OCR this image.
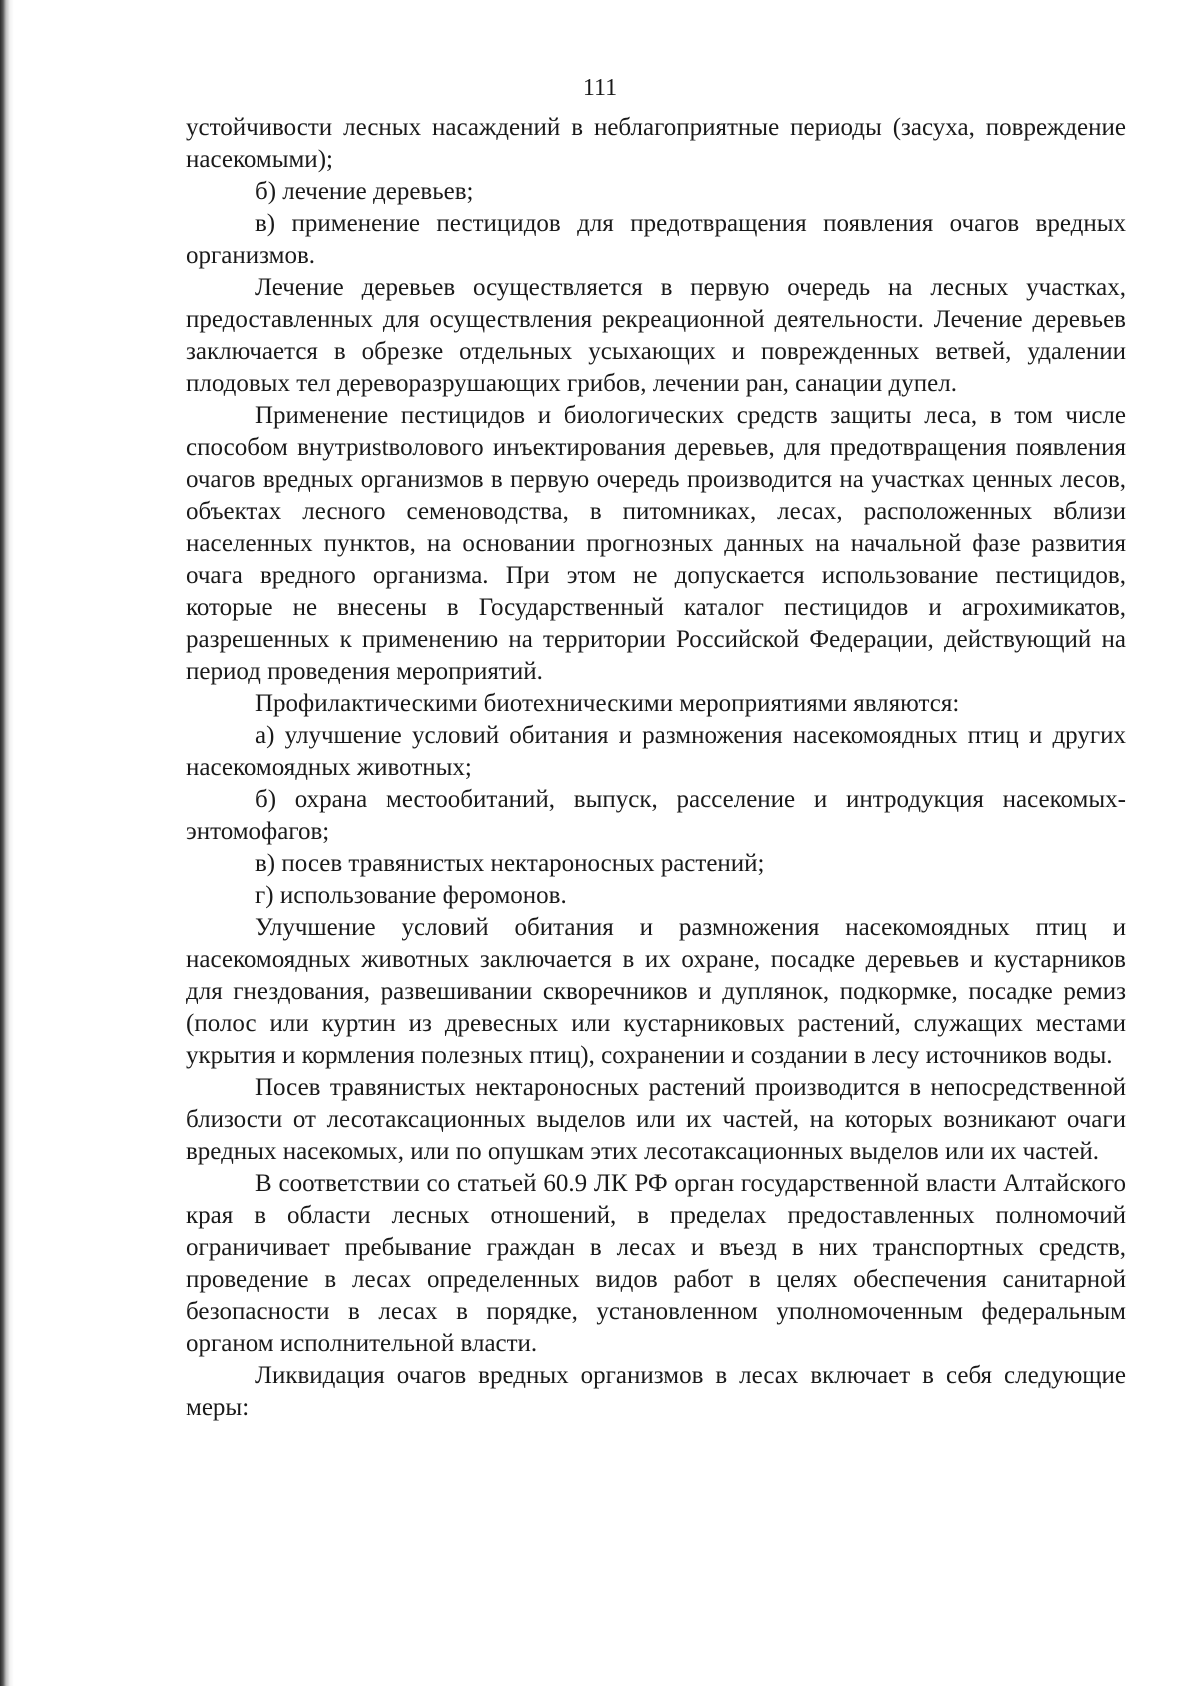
111

устойчивости лесных насаждений в неблагоприятные периоды (засуха, повреждение насекомыми);

б) лечение деревьев;

в) применение пестицидов для предотвращения появления очагов вредных организмов.

Лечение деревьев осуществляется в первую очередь на лесных участках, предоставленных для осуществления рекреационной деятельности. Лечение деревьев заключается в обрезке отдельных усыхающих и поврежденных ветвей, удалении плодовых тел дереворазрушающих грибов, лечении ран, санации дупел.

Применение пестицидов и биологических средств защиты леса, в том числе способом внутриstволового инъектирования деревьев, для предотвращения появления очагов вредных организмов в первую очередь производится на участках ценных лесов, объектах лесного семеноводства, в питомниках, лесах, расположенных вблизи населенных пунктов, на основании прогнозных данных на начальной фазе развития очага вредного организма. При этом не допускается использование пестицидов, которые не внесены в Государственный каталог пестицидов и агрохимикатов, разрешенных к применению на территории Российской Федерации, действующий на период проведения мероприятий.

Профилактическими биотехническими мероприятиями являются:

а) улучшение условий обитания и размножения насекомоядных птиц и других насекомоядных животных;

б) охрана местообитаний, выпуск, расселение и интродукция насекомых-энтомофагов;

в) посев травянистых нектароносных растений;

г) использование феромонов.

Улучшение условий обитания и размножения насекомоядных птиц и насекомоядных животных заключается в их охране, посадке деревьев и кустарников для гнездования, развешивании скворечников и дуплянок, подкормке, посадке ремиз (полос или куртин из древесных или кустарниковых растений, служащих местами укрытия и кормления полезных птиц), сохранении и создании в лесу источников воды.

Посев травянистых нектароносных растений производится в непосредственной близости от лесотаксационных выделов или их частей, на которых возникают очаги вредных насекомых, или по опушкам этих лесотаксационных выделов или их частей.

В соответствии со статьей 60.9 ЛК РФ орган государственной власти Алтайского края в области лесных отношений, в пределах предоставленных полномочий ограничивает пребывание граждан в лесах и въезд в них транспортных средств, проведение в лесах определенных видов работ в целях обеспечения санитарной безопасности в лесах в порядке, установленном уполномоченным федеральным органом исполнительной власти.

Ликвидация очагов вредных организмов в лесах включает в себя следующие меры:
